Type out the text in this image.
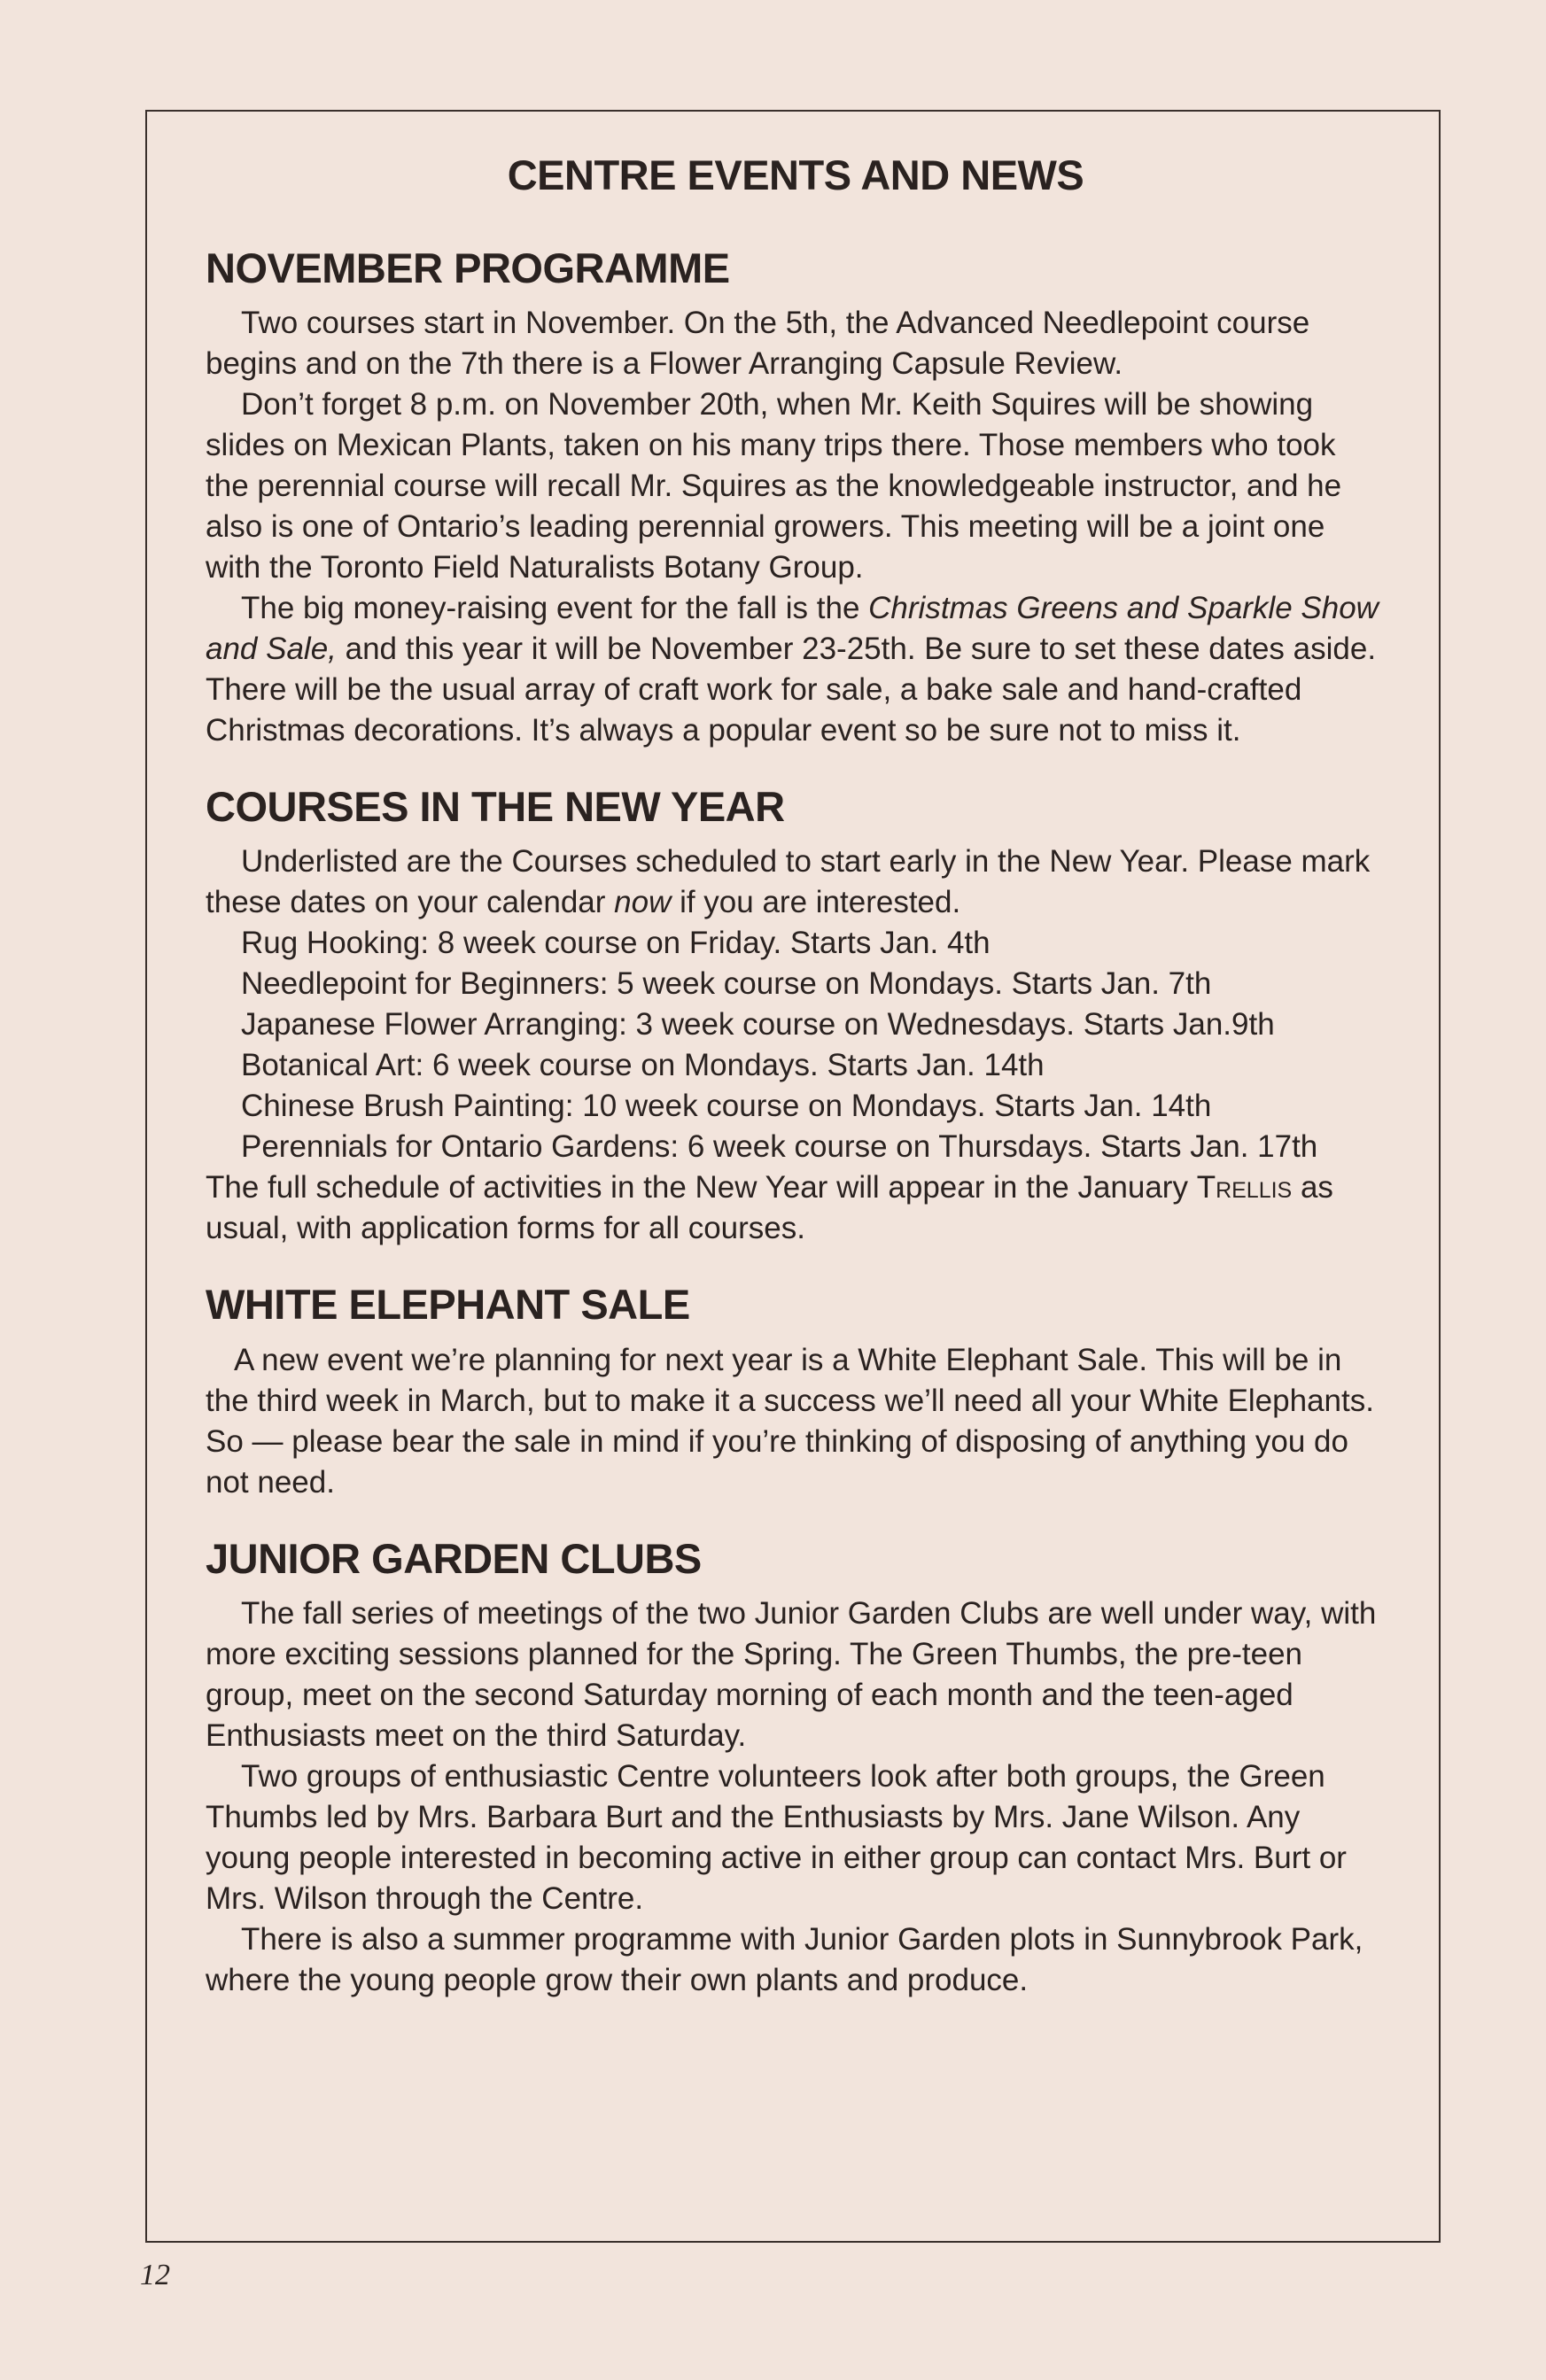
CENTRE EVENTS AND NEWS
NOVEMBER PROGRAMME

Two courses start in November. On the 5th, the Advanced Needlepoint course begins and on the 7th there is a Flower Arranging Capsule Review.

Don’t forget 8 p.m. on November 20th, when Mr. Keith Squires will be showing slides on Mexican Plants, taken on his many trips there. Those members who took the perennial course will recall Mr. Squires as the knowledgeable instructor, and he also is one of Ontario’s leading perennial growers. This meeting will be a joint one with the Toronto Field Naturalists Botany Group.

The big money-raising event for the fall is the Christmas Greens and Sparkle Show and Sale, and this year it will be November 23-25th. Be sure to set these dates aside. There will be the usual array of craft work for sale, a bake sale and hand-crafted Christmas decorations. It’s always a popular event so be sure not to miss it.

COURSES IN THE NEW YEAR

Underlisted are the Courses scheduled to start early in the New Year. Please mark these dates on your calendar now if you are interested.

Rug Hooking: 8 week course on Friday. Starts Jan. 4th
Needlepoint for Beginners: 5 week course on Mondays. Starts Jan. 7th
Japanese Flower Arranging: 3 week course on Wednesdays. Starts Jan.9th
Botanical Art: 6 week course on Mondays. Starts Jan. 14th
Chinese Brush Painting: 10 week course on Mondays. Starts Jan. 14th
Perennials for Ontario Gardens: 6 week course on Thursdays. Starts Jan. 17th

The full schedule of activities in the New Year will appear in the January Trellis as usual, with application forms for all courses.

WHITE ELEPHANT SALE

A new event we’re planning for next year is a White Elephant Sale. This will be in the third week in March, but to make it a success we’ll need all your White Elephants. So — please bear the sale in mind if you’re thinking of disposing of anything you do not need.

JUNIOR GARDEN CLUBS

The fall series of meetings of the two Junior Garden Clubs are well under way, with more exciting sessions planned for the Spring. The Green Thumbs, the pre-teen group, meet on the second Saturday morning of each month and the teen-aged Enthusiasts meet on the third Saturday.

Two groups of enthusiastic Centre volunteers look after both groups, the Green Thumbs led by Mrs. Barbara Burt and the Enthusiasts by Mrs. Jane Wilson. Any young people interested in becoming active in either group can contact Mrs. Burt or Mrs. Wilson through the Centre.

There is also a summer programme with Junior Garden plots in Sunnybrook Park, where the young people grow their own plants and produce.

12
